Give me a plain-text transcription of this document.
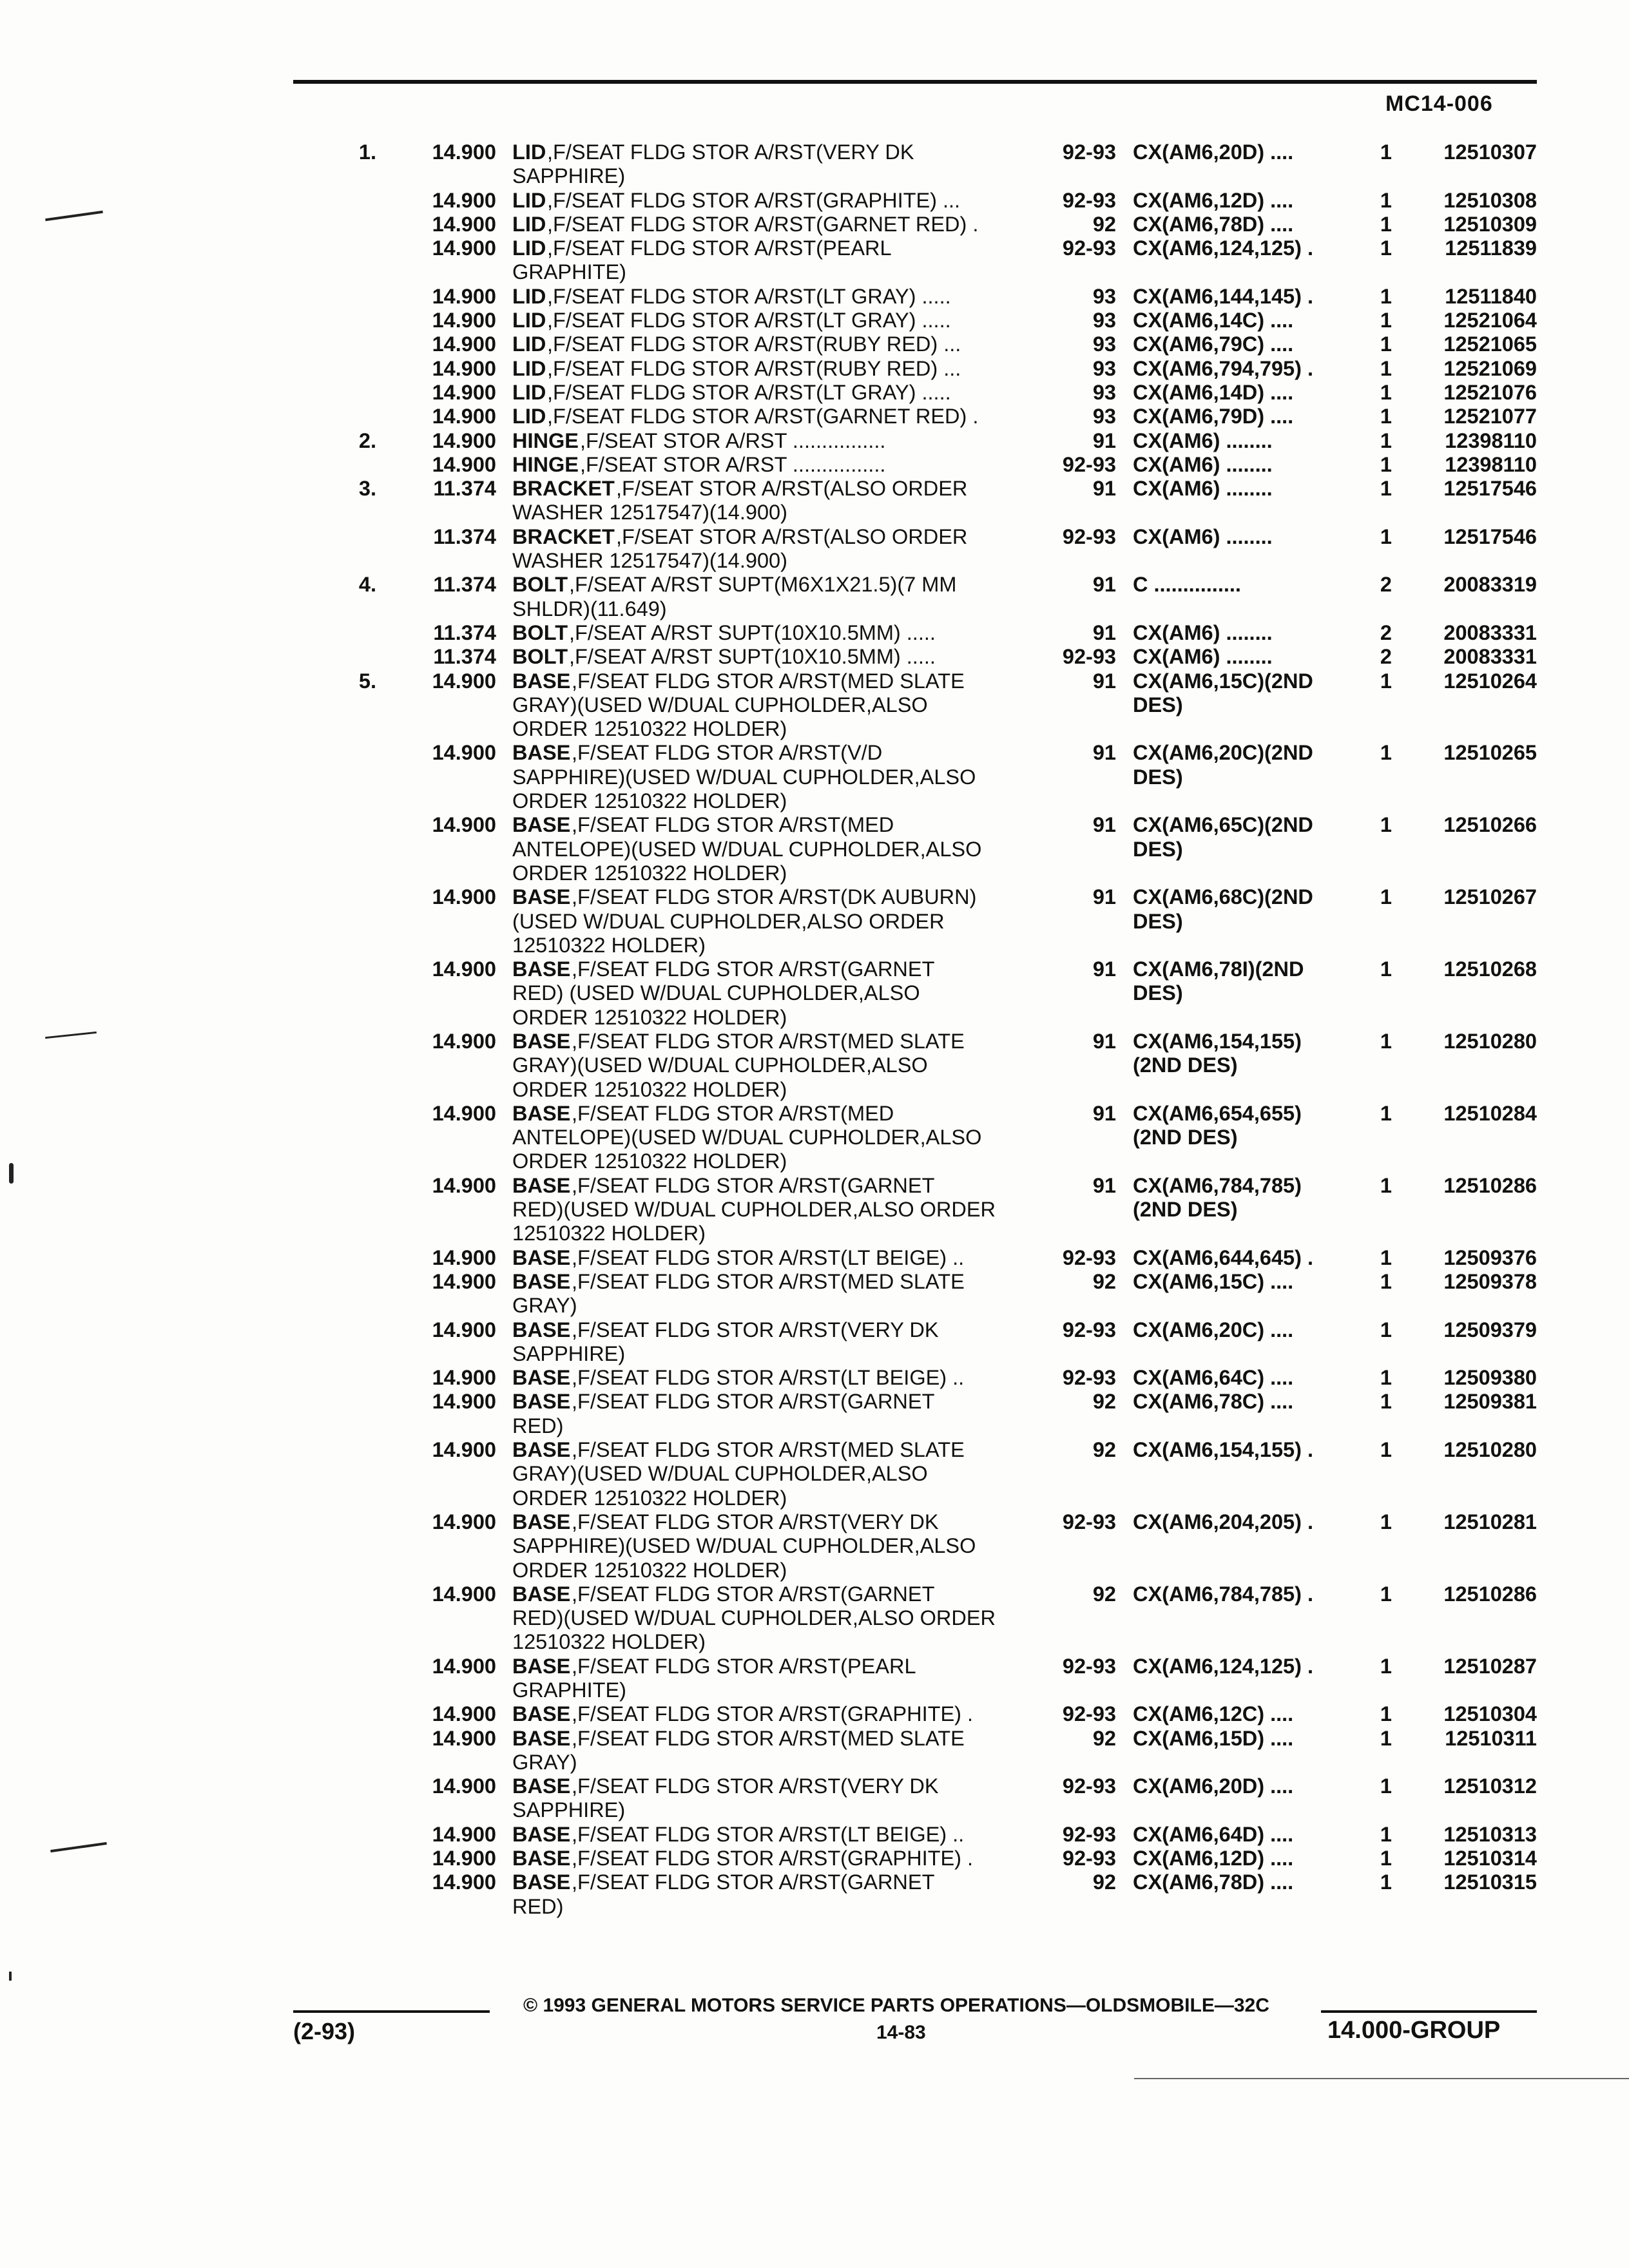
MC14-006
1.	14.900 LID ,F/SEAT FLDG STOR A/RST(VERY DK	92-93 CX(AM6,20D) ....	1	12510307
SAPPHIRE)
14.900 LID ,F/SEAT FLDG STOR A/RST(GRAPHITE) ...	92-93 CX(AM6,12D) ....	1	12510308
14.900 LID ,F/SEAT FLDG STOR A/RST(GARNET RED) .	92 CX(AM6,78D) ....	1	12510309
14.900 LID ,F/SEAT FLDG STOR A/RST(PEARL	92-93 CX(AM6,124,125) .	1	12511839
GRAPHITE)
14.900 LID ,F/SEAT FLDG STOR A/RST(LT GRAY) .....	93 CX(AM6,144,145) .	1	12511840
14.900 LID ,F/SEAT FLDG STOR A/RST(LT GRAY) .....	93 CX(AM6,14C) ....	1	12521064
14.900 LID ,F/SEAT FLDG STOR A/RST(RUBY RED) ...	93 CX(AM6,79C) ....	1	12521065
14.900 LID ,F/SEAT FLDG STOR A/RST(RUBY RED) ...	93 CX(AM6,794,795) .	1	12521069
14.900 LID ,F/SEAT FLDG STOR A/RST(LT GRAY) .....	93 CX(AM6,14D) ....	1	12521076
14.900 LID ,F/SEAT FLDG STOR A/RST(GARNET RED) .	93 CX(AM6,79D) ....	1	12521077
2.	14.900 HINGE ,F/SEAT STOR A/RST ................	91 CX(AM6) ........	1	12398110
14.900 HINGE ,F/SEAT STOR A/RST ................	92-93 CX(AM6) ........	1	12398110
3.	11.374 BRACKET ,F/SEAT STOR A/RST(ALSO ORDER	91 CX(AM6) ........	1	12517546
WASHER 12517547)(14.900)
11.374 BRACKET ,F/SEAT STOR A/RST(ALSO ORDER	92-93 CX(AM6) ........	1	12517546
WASHER 12517547)(14.900)
4.	11.374 BOLT ,F/SEAT A/RST SUPT(M6X1X21.5)(7 MM	91 C ...............	2	20083319
SHLDR)(11.649)
11.374 BOLT ,F/SEAT A/RST SUPT(10X10.5MM) .....	91 CX(AM6) ........	2	20083331
11.374 BOLT ,F/SEAT A/RST SUPT(10X10.5MM) .....	92-93 CX(AM6) ........	2	20083331
5.	14.900 BASE ,F/SEAT FLDG STOR A/RST(MED SLATE	91 CX(AM6,15C)(2ND	1	12510264
GRAY)(USED W/DUAL CUPHOLDER,ALSO	DES)
ORDER 12510322 HOLDER)
14.900 BASE ,F/SEAT FLDG STOR A/RST(V/D	91 CX(AM6,20C)(2ND	1	12510265
SAPPHIRE)(USED W/DUAL CUPHOLDER,ALSO	DES)
ORDER 12510322 HOLDER)
14.900 BASE ,F/SEAT FLDG STOR A/RST(MED	91 CX(AM6,65C)(2ND	1	12510266
ANTELOPE)(USED W/DUAL CUPHOLDER,ALSO	DES)
ORDER 12510322 HOLDER)
14.900 BASE ,F/SEAT FLDG STOR A/RST(DK AUBURN)	91 CX(AM6,68C)(2ND	1	12510267
(USED W/DUAL CUPHOLDER,ALSO ORDER	DES)
12510322 HOLDER)
14.900 BASE ,F/SEAT FLDG STOR A/RST(GARNET	91 CX(AM6,78I)(2ND	1	12510268
RED) (USED W/DUAL CUPHOLDER,ALSO	DES)
ORDER 12510322 HOLDER)
14.900 BASE ,F/SEAT FLDG STOR A/RST(MED SLATE	91 CX(AM6,154,155)	1	12510280
GRAY)(USED W/DUAL CUPHOLDER,ALSO	(2ND DES)
ORDER 12510322 HOLDER)
14.900 BASE ,F/SEAT FLDG STOR A/RST(MED	91 CX(AM6,654,655)	1	12510284
ANTELOPE)(USED W/DUAL CUPHOLDER,ALSO	(2ND DES)
ORDER 12510322 HOLDER)
14.900 BASE ,F/SEAT FLDG STOR A/RST(GARNET	91 CX(AM6,784,785)	1	12510286
RED)(USED W/DUAL CUPHOLDER,ALSO ORDER	(2ND DES)
12510322 HOLDER)
14.900 BASE ,F/SEAT FLDG STOR A/RST(LT BEIGE) ..	92-93 CX(AM6,644,645) .	1	12509376
14.900 BASE ,F/SEAT FLDG STOR A/RST(MED SLATE	92 CX(AM6,15C) ....	1	12509378
GRAY)
14.900 BASE ,F/SEAT FLDG STOR A/RST(VERY DK	92-93 CX(AM6,20C) ....	1	12509379
SAPPHIRE)
14.900 BASE ,F/SEAT FLDG STOR A/RST(LT BEIGE) ..	92-93 CX(AM6,64C) ....	1	12509380
14.900 BASE ,F/SEAT FLDG STOR A/RST(GARNET	92 CX(AM6,78C) ....	1	12509381
RED)
14.900 BASE ,F/SEAT FLDG STOR A/RST(MED SLATE	92 CX(AM6,154,155) .	1	12510280
GRAY)(USED W/DUAL CUPHOLDER,ALSO
ORDER 12510322 HOLDER)
14.900 BASE ,F/SEAT FLDG STOR A/RST(VERY DK	92-93 CX(AM6,204,205) .	1	12510281
SAPPHIRE)(USED W/DUAL CUPHOLDER,ALSO
ORDER 12510322 HOLDER)
14.900 BASE ,F/SEAT FLDG STOR A/RST(GARNET	92 CX(AM6,784,785) .	1	12510286
RED)(USED W/DUAL CUPHOLDER,ALSO ORDER
12510322 HOLDER)
14.900 BASE ,F/SEAT FLDG STOR A/RST(PEARL	92-93 CX(AM6,124,125) .	1	12510287
GRAPHITE)
14.900 BASE ,F/SEAT FLDG STOR A/RST(GRAPHITE) .	92-93 CX(AM6,12C) ....	1	12510304
14.900 BASE ,F/SEAT FLDG STOR A/RST(MED SLATE	92 CX(AM6,15D) ....	1	12510311
GRAY)
14.900 BASE ,F/SEAT FLDG STOR A/RST(VERY DK	92-93 CX(AM6,20D) ....	1	12510312
SAPPHIRE)
14.900 BASE ,F/SEAT FLDG STOR A/RST(LT BEIGE) ..	92-93 CX(AM6,64D) ....	1	12510313
14.900 BASE ,F/SEAT FLDG STOR A/RST(GRAPHITE) .	92-93 CX(AM6,12D) ....	1	12510314
14.900 BASE ,F/SEAT FLDG STOR A/RST(GARNET	92 CX(AM6,78D) ....	1	12510315
RED)
© 1993 GENERAL MOTORS SERVICE PARTS OPERATIONS—OLDSMOBILE—32C
(2-93)	14-83	14.000-GROUP
